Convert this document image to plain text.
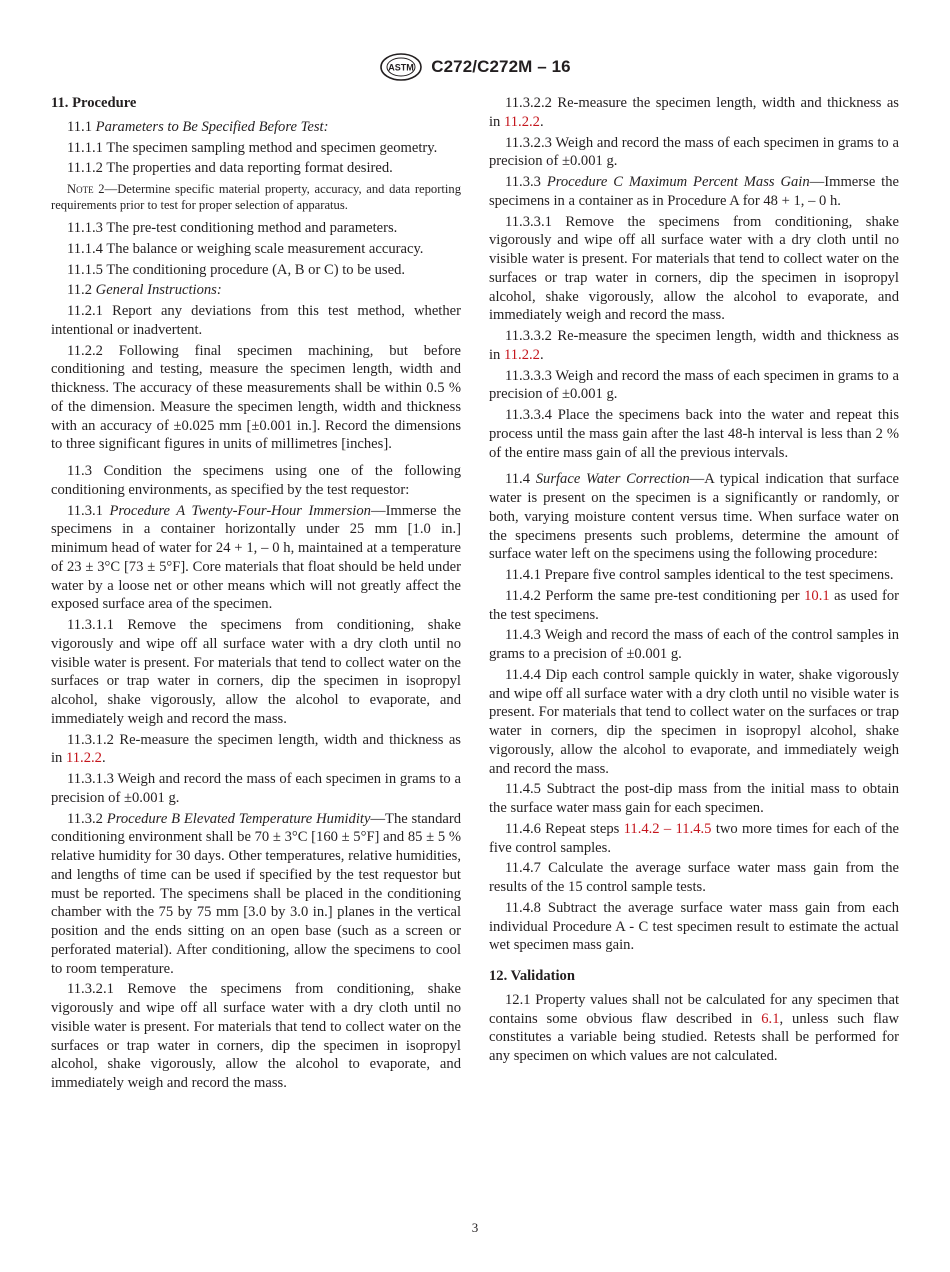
ASTM C272/C272M – 16
11. Procedure

11.1 Parameters to Be Specified Before Test:

11.1.1 The specimen sampling method and specimen geometry.

11.1.2 The properties and data reporting format desired.

Note 2—Determine specific material property, accuracy, and data reporting requirements prior to test for proper selection of apparatus.

11.1.3 The pre-test conditioning method and parameters.

11.1.4 The balance or weighing scale measurement accuracy.

11.1.5 The conditioning procedure (A, B or C) to be used.

11.2 General Instructions:

11.2.1 Report any deviations from this test method, whether intentional or inadvertent.

11.2.2 Following final specimen machining, but before conditioning and testing, measure the specimen length, width and thickness. The accuracy of these measurements shall be within 0.5 % of the dimension. Measure the specimen length, width and thickness with an accuracy of ±0.025 mm [±0.001 in.]. Record the dimensions to three significant figures in units of millimetres [inches].

11.3 Condition the specimens using one of the following conditioning environments, as specified by the test requestor:

11.3.1 Procedure A Twenty-Four-Hour Immersion—Immerse the specimens in a container horizontally under 25 mm [1.0 in.] minimum head of water for 24 + 1, – 0 h, maintained at a temperature of 23 ± 3°C [73 ± 5°F]. Core materials that float should be held under water by a loose net or other means which will not greatly affect the exposed surface area of the specimen.

11.3.1.1 Remove the specimens from conditioning, shake vigorously and wipe off all surface water with a dry cloth until no visible water is present. For materials that tend to collect water on the surfaces or trap water in corners, dip the specimen in isopropyl alcohol, shake vigorously, allow the alcohol to evaporate, and immediately weigh and record the mass.

11.3.1.2 Re-measure the specimen length, width and thickness as in 11.2.2.

11.3.1.3 Weigh and record the mass of each specimen in grams to a precision of ±0.001 g.

11.3.2 Procedure B Elevated Temperature Humidity—The standard conditioning environment shall be 70 ± 3°C [160 ± 5°F] and 85 ± 5 % relative humidity for 30 days. Other temperatures, relative humidities, and lengths of time can be used if specified by the test requestor but must be reported. The specimens shall be placed in the conditioning chamber with the 75 by 75 mm [3.0 by 3.0 in.] planes in the vertical position and the ends sitting on an open base (such as a screen or perforated material). After conditioning, allow the specimens to cool to room temperature.

11.3.2.1 Remove the specimens from conditioning, shake vigorously and wipe off all surface water with a dry cloth until no visible water is present. For materials that tend to collect water on the surfaces or trap water in corners, dip the specimen in isopropyl alcohol, shake vigorously, allow the alcohol to evaporate, and immediately weigh and record the mass.

11.3.2.2 Re-measure the specimen length, width and thickness as in 11.2.2.

11.3.2.3 Weigh and record the mass of each specimen in grams to a precision of ±0.001 g.

11.3.3 Procedure C Maximum Percent Mass Gain—Immerse the specimens in a container as in Procedure A for 48 + 1, – 0 h.

11.3.3.1 Remove the specimens from conditioning, shake vigorously and wipe off all surface water with a dry cloth until no visible water is present. For materials that tend to collect water on the surfaces or trap water in corners, dip the specimen in isopropyl alcohol, shake vigorously, allow the alcohol to evaporate, and immediately weigh and record the mass.

11.3.3.2 Re-measure the specimen length, width and thickness as in 11.2.2.

11.3.3.3 Weigh and record the mass of each specimen in grams to a precision of ±0.001 g.

11.3.3.4 Place the specimens back into the water and repeat this process until the mass gain after the last 48-h interval is less than 2 % of the entire mass gain of all the previous intervals.

11.4 Surface Water Correction—A typical indication that surface water is present on the specimen is a significantly or randomly, or both, varying moisture content versus time. When surface water on the specimens presents such problems, determine the amount of surface water left on the specimens using the following procedure:

11.4.1 Prepare five control samples identical to the test specimens.

11.4.2 Perform the same pre-test conditioning per 10.1 as used for the test specimens.

11.4.3 Weigh and record the mass of each of the control samples in grams to a precision of ±0.001 g.

11.4.4 Dip each control sample quickly in water, shake vigorously and wipe off all surface water with a dry cloth until no visible water is present. For materials that tend to collect water on the surfaces or trap water in corners, dip the specimen in isopropyl alcohol, shake vigorously, allow the alcohol to evaporate, and immediately weigh and record the mass.

11.4.5 Subtract the post-dip mass from the initial mass to obtain the surface water mass gain for each specimen.

11.4.6 Repeat steps 11.4.2 – 11.4.5 two more times for each of the five control samples.

11.4.7 Calculate the average surface water mass gain from the results of the 15 control sample tests.

11.4.8 Subtract the average surface water mass gain from each individual Procedure A - C test specimen result to estimate the actual wet specimen mass gain.

12. Validation

12.1 Property values shall not be calculated for any specimen that contains some obvious flaw described in 6.1, unless such flaw constitutes a variable being studied. Retests shall be performed for any specimen on which values are not calculated.

3
